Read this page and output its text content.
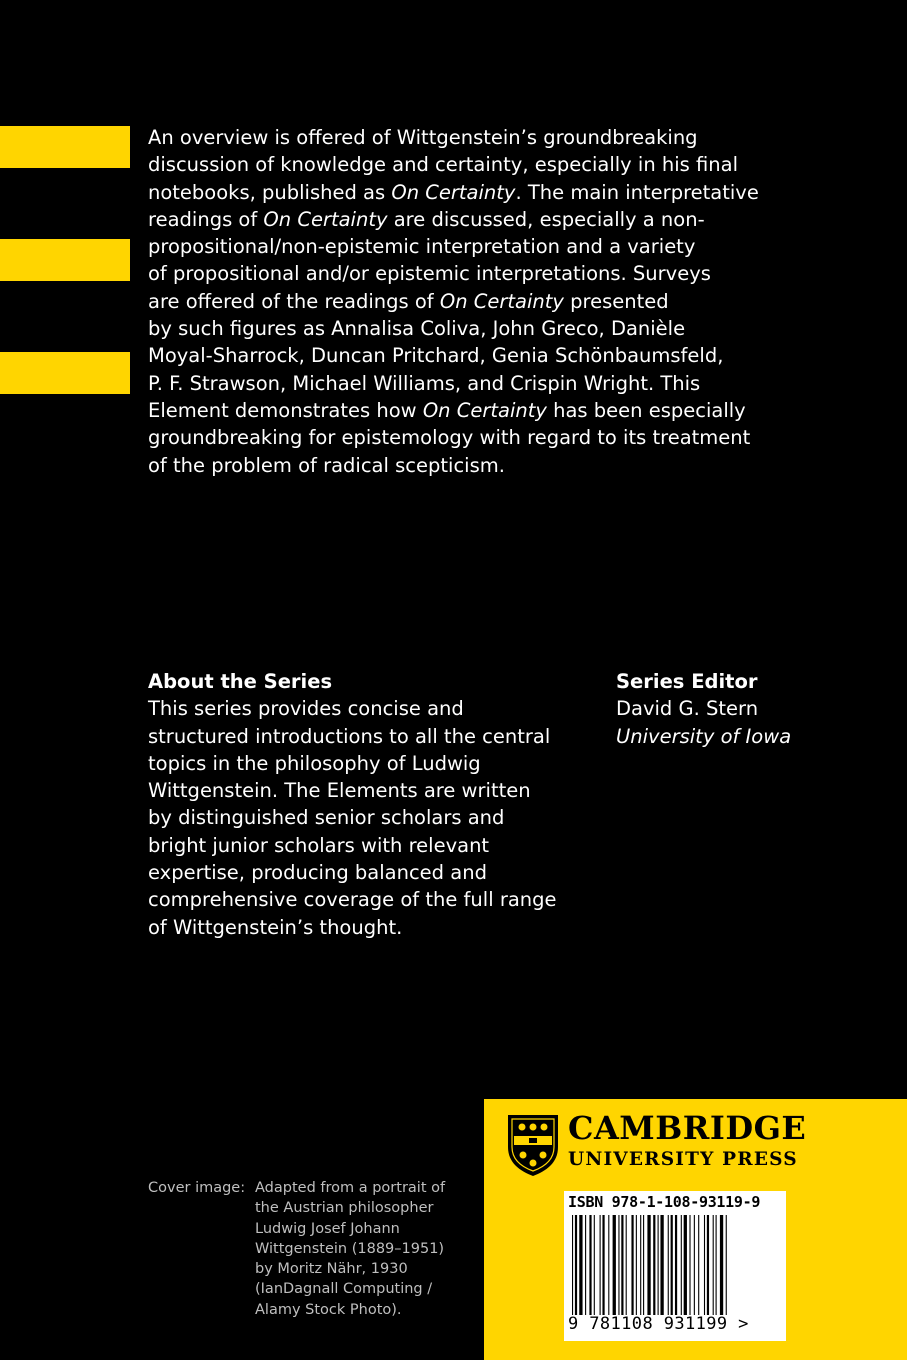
An overview is offered of Wittgenstein’s groundbreaking
discussion of knowledge and certainty, especially in his final
notebooks, published as On Certainty. The main interpretative
readings of On Certainty are discussed, especially a non-
propositional/non-epistemic interpretation and a variety
of propositional and/or epistemic interpretations. Surveys
are offered of the readings of On Certainty presented
by such figures as Annalisa Coliva, John Greco, Danièle
Moyal-Sharrock, Duncan Pritchard, Genia Schönbaumsfeld,
P. F. Strawson, Michael Williams, and Crispin Wright. This
Element demonstrates how On Certainty has been especially
groundbreaking for epistemology with regard to its treatment
of the problem of radical scepticism.

About the Series
This series provides concise and
structured introductions to all the central
topics in the philosophy of Ludwig
Wittgenstein. The Elements are written
by distinguished senior scholars and
bright junior scholars with relevant
expertise, producing balanced and
comprehensive coverage of the full range
of Wittgenstein’s thought.
Series Editor
David G. Stern
University of Iowa
Cover image: Adapted from a portrait of
the Austrian philosopher
Ludwig Josef Johann
Wittgenstein (1889–1951)
by Moritz Nähr, 1930
(IanDagnall Computing /
Alamy Stock Photo).
CAMBRIDGE
UNIVERSITY PRESS
ISBN 978-1-108-93119-9
9 781108 931199 >
